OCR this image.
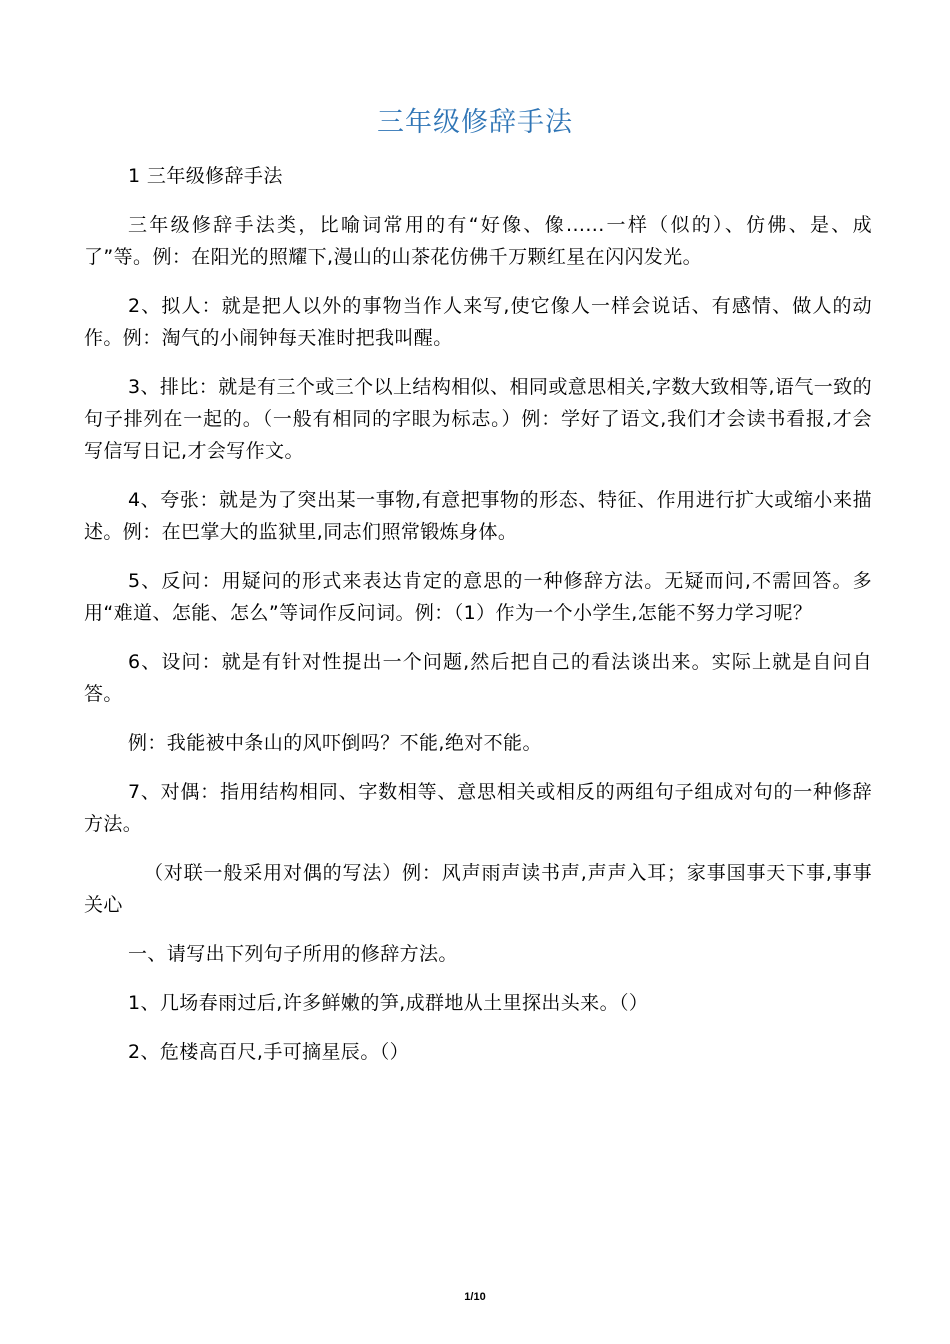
三年级修辞手法

1 三年级修辞手法

三年级修辞手法类，比喻词常用的有“好像、像......一样（似的）、仿佛、是、成了”等。例：在阳光的照耀下,漫山的山茶花仿佛千万颗红星在闪闪发光。

2、拟人：就是把人以外的事物当作人来写,使它像人一样会说话、有感情、做人的动作。例：淘气的小闹钟每天准时把我叫醒。

3、排比：就是有三个或三个以上结构相似、相同或意思相关,字数大致相等,语气一致的句子排列在一起的。（一般有相同的字眼为标志。）例：学好了语文,我们才会读书看报,才会写信写日记,才会写作文。

4、夸张：就是为了突出某一事物,有意把事物的形态、特征、作用进行扩大或缩小来描述。例：在巴掌大的监狱里,同志们照常锻炼身体。

5、反问：用疑问的形式来表达肯定的意思的一种修辞方法。无疑而问,不需回答。多用“难道、怎能、怎么”等词作反问词。例：（1）作为一个小学生,怎能不努力学习呢？

6、设问：就是有针对性提出一个问题,然后把自己的看法谈出来。实际上就是自问自答。

例：我能被中条山的风吓倒吗？不能,绝对不能。

7、对偶：指用结构相同、字数相等、意思相关或相反的两组句子组成对句的一种修辞方法。

（对联一般采用对偶的写法）例：风声雨声读书声,声声入耳；家事国事天下事,事事关心

一、请写出下列句子所用的修辞方法。

1、几场春雨过后,许多鲜嫩的笋,成群地从土里探出头来。（）

2、危楼高百尺,手可摘星辰。（）

1/10
